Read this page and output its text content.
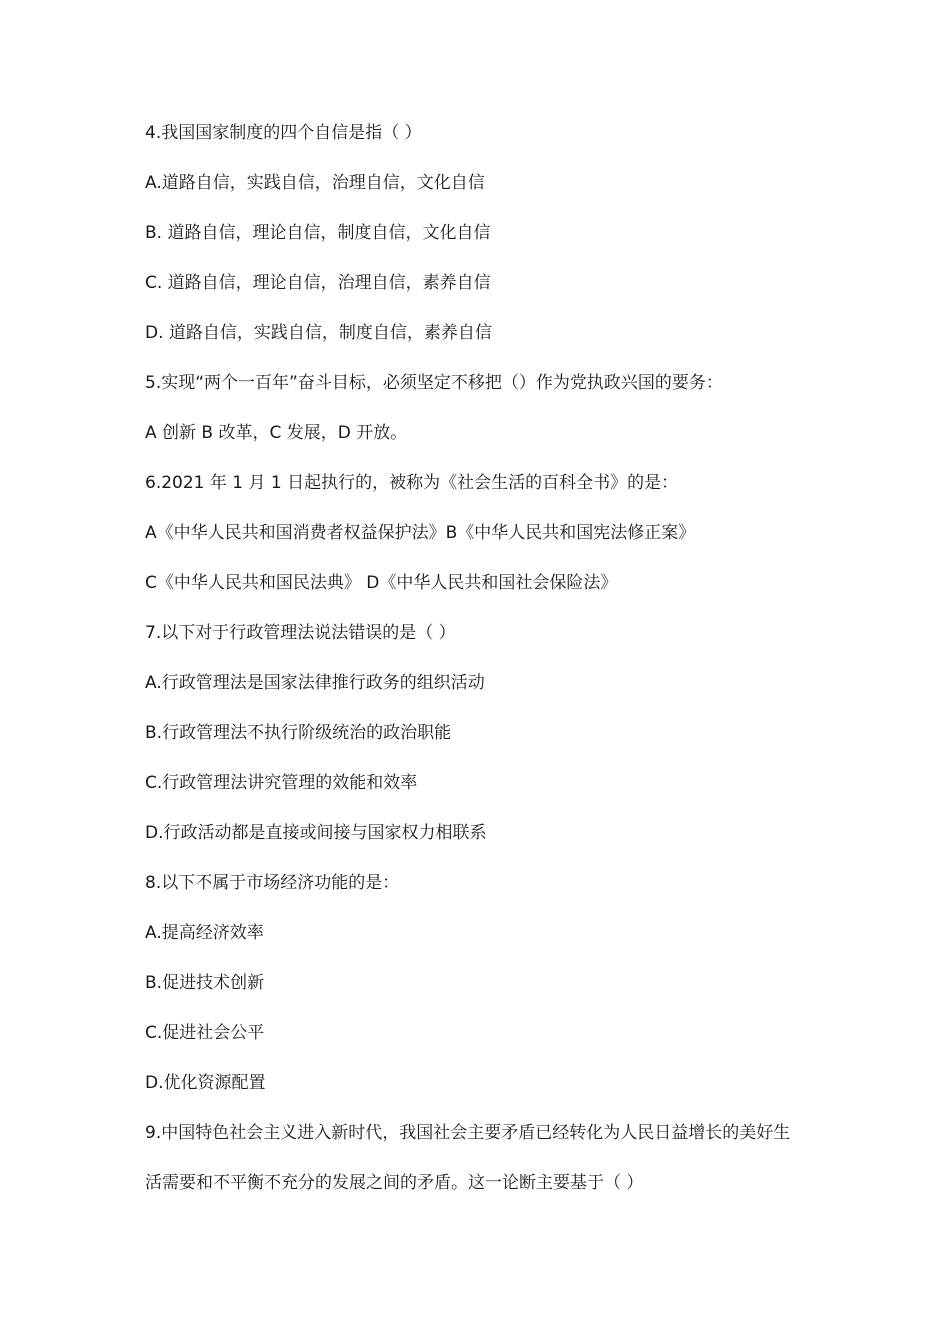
4.我国国家制度的四个自信是指（ ）
A.道路自信，实践自信，治理自信，文化自信
B. 道路自信，理论自信，制度自信，文化自信
C. 道路自信，理论自信，治理自信，素养自信
D. 道路自信，实践自信，制度自信，素养自信
5.实现“两个一百年”奋斗目标，必须坚定不移把（）作为党执政兴国的要务：
A 创新 B 改革，C 发展，D 开放。
6.2021 年 1 月 1 日起执行的，被称为《社会生活的百科全书》的是：
A《中华人民共和国消费者权益保护法》B《中华人民共和国宪法修正案》
C《中华人民共和国民法典》 D《中华人民共和国社会保险法》
7.以下对于行政管理法说法错误的是（ ）
A.行政管理法是国家法律推行政务的组织活动
B.行政管理法不执行阶级统治的政治职能
C.行政管理法讲究管理的效能和效率
D.行政活动都是直接或间接与国家权力相联系
8.以下不属于市场经济功能的是：
A.提高经济效率
B.促进技术创新
C.促进社会公平
D.优化资源配置
9.中国特色社会主义进入新时代，我国社会主要矛盾已经转化为人民日益增长的美好生
活需要和不平衡不充分的发展之间的矛盾。这一论断主要基于（ ）
